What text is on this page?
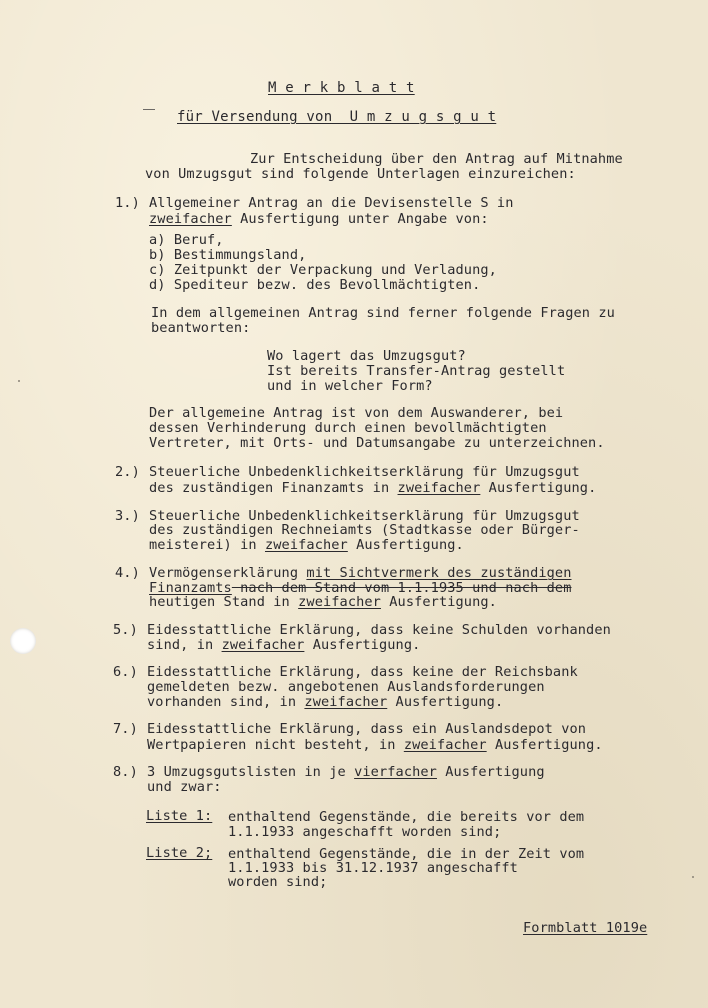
M e r k b l a t t
für Versendung von  U m z u g s g u t
Zur Entscheidung über den Antrag auf Mitnahme
von Umzugsgut sind folgende Unterlagen einzureichen:
1.) Allgemeiner Antrag an die Devisenstelle S in
zweifacher Ausfertigung unter Angabe von:
a) Beruf,
b) Bestimmungsland,
c) Zeitpunkt der Verpackung und Verladung,
d) Spediteur bezw. des Bevollmächtigten.
In dem allgemeinen Antrag sind ferner folgende Fragen zu
beantworten:
Wo lagert das Umzugsgut?
Ist bereits Transfer-Antrag gestellt
und in welcher Form?
Der allgemeine Antrag ist von dem Auswanderer, bei
dessen Verhinderung durch einen bevollmächtigten
Vertreter, mit Orts- und Datumsangabe zu unterzeichnen.
2.) Steuerliche Unbedenklichkeitserklärung für Umzugsgut
des zuständigen Finanzamts in zweifacher Ausfertigung.
3.) Steuerliche Unbedenklichkeitserklärung für Umzugsgut
des zuständigen Rechneiamts (Stadtkasse oder Bürger-
meisterei) in zweifacher Ausfertigung.
4.) Vermögenserklärung mit Sichtvermerk des zuständigen
Finanzamts nach dem Stand vom 1.1.1935 und nach dem
heutigen Stand in zweifacher Ausfertigung.
5.) Eidesstattliche Erklärung, dass keine Schulden vorhanden
sind, in zweifacher Ausfertigung.
6.) Eidesstattliche Erklärung, dass keine der Reichsbank
gemeldeten bezw. angebotenen Auslandsforderungen
vorhanden sind, in zweifacher Ausfertigung.
7.) Eidesstattliche Erklärung, dass ein Auslandsdepot von
Wertpapieren nicht besteht, in zweifacher Ausfertigung.
8.) 3 Umzugsgutslisten in je vierfacher Ausfertigung
und zwar:
Liste 1: enthaltend Gegenstände, die bereits vor dem
1.1.1933 angeschafft worden sind;
Liste 2; enthaltend Gegenstände, die in der Zeit vom
1.1.1933 bis 31.12.1937 angeschafft
worden sind;
Formblatt 1019e
